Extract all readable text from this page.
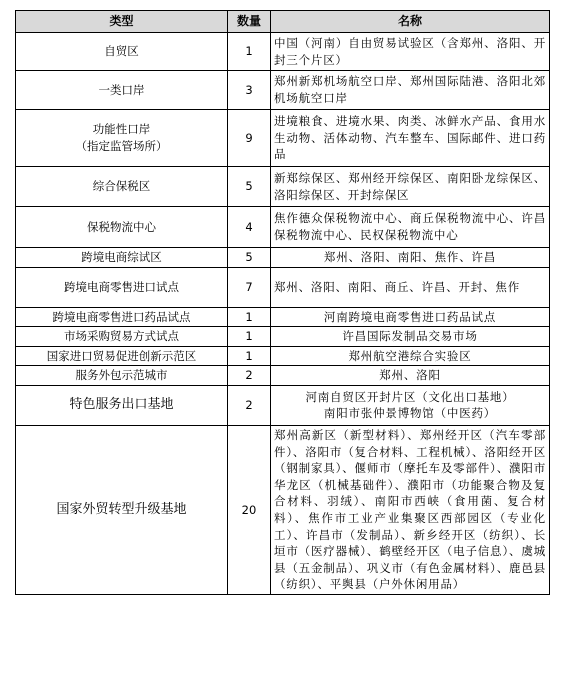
类型	数量	名称
自贸区	1	中国（河南）自由贸易试验区（含郑州、洛阳、开封三个片区）
一类口岸	3	郑州新郑机场航空口岸、郑州国际陆港、洛阳北郊机场航空口岸

功能性口岸
（指定监管场所）	9	进境粮食、进境水果、肉类、冰鲜水产品、食用水生动物、活体动物、汽车整车、国际邮件、进口药品
综合保税区	5	新郑综保区、郑州经开综保区、南阳卧龙综保区、洛阳综保区、开封综保区
保税物流中心	4	焦作德众保税物流中心、商丘保税物流中心、许昌保税物流中心、民权保税物流中心
跨境电商综试区	5	郑州、洛阳、南阳、焦作、许昌
跨境电商零售进口试点	7	郑州、洛阳、南阳、商丘、许昌、开封、焦作
跨境电商零售进口药品试点	1	河南跨境电商零售进口药品试点
市场采购贸易方式试点	1	许昌国际发制品交易市场
国家进口贸易促进创新示范区	1	郑州航空港综合实验区
服务外包示范城市	2	郑州、洛阳
特色服务出口基地	2	河南自贸区开封片区（文化出口基地）
南阳市张仲景博物馆（中医药）

国家外贸转型升级基地	20	郑州高新区（新型材料）、郑州经开区（汽车零部件）、洛阳市（复合材料、工程机械）、洛阳经开区（钢制家具）、偃师市（摩托车及零部件）、濮阳市华龙区（机械基础件）、濮阳市（功能聚合物及复合材料、羽绒）、南阳市西峡（食用菌、复合材料）、焦作市工业产业集聚区西部园区（专业化工）、许昌市（发制品）、新乡经开区（纺织）、长垣市（医疗器械）、鹤壁经开区（电子信息）、虞城县（五金制品）、巩义市（有色金属材料）、鹿邑县（纺织）、平舆县（户外休闲用品）
